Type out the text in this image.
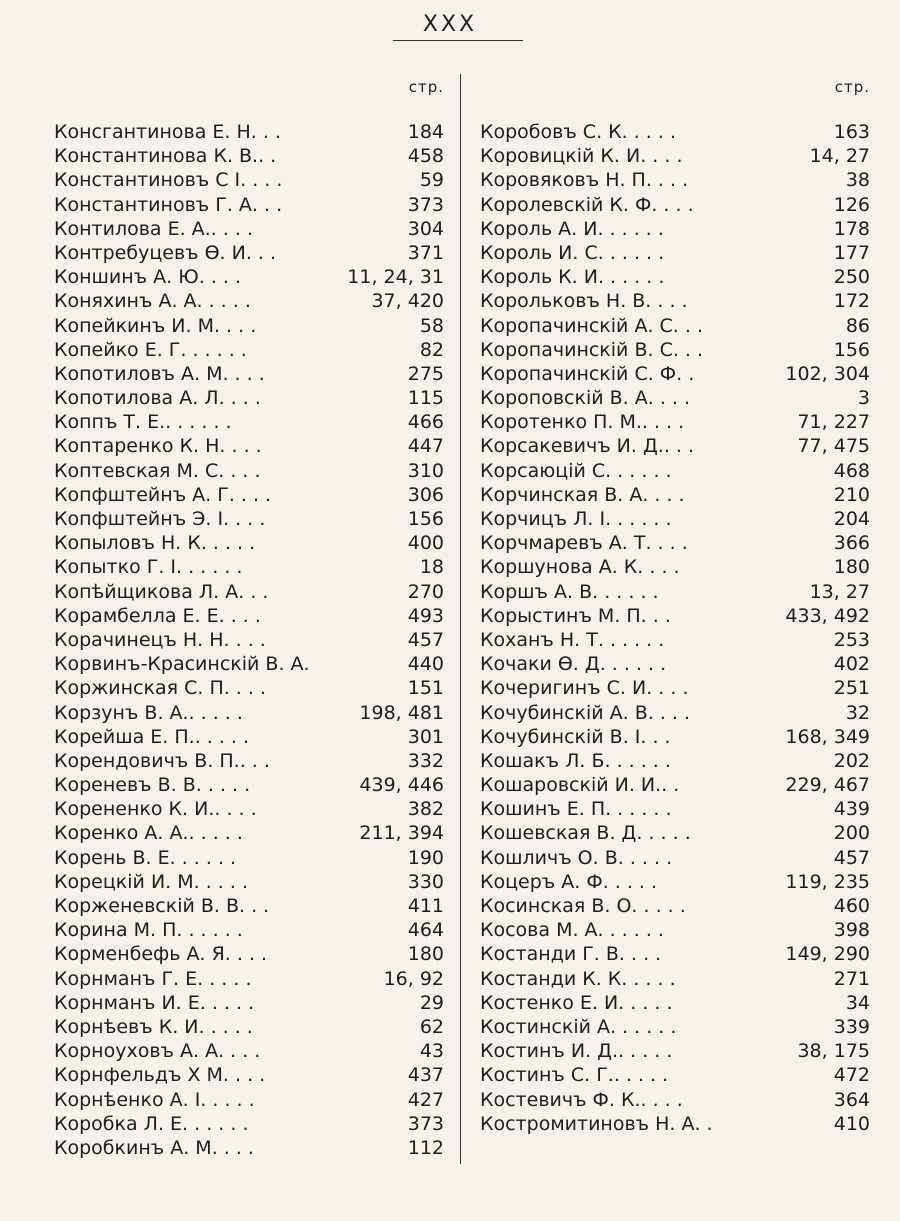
XXX
стр.
Консгантинова Е. Н. . .	184
Константинова К. В.. .	458
Константиновъ С І. . . .	59
Константиновъ Г. А. . .	373
Контилова Е. А.. . . .	304
Контребуцевъ Ѳ. И. . .	371
Коншинъ А. Ю. . . .	11, 24, 31
Коняхинъ А. А. . . . .	37, 420
Копейкинъ И. М. . . .	58
Копейко Е. Г. . . . . .	82
Копотиловъ А. М. . . .	275
Копотилова А. Л. . . .	115
Коппъ Т. Е.. . . . . .	466
Коптаренко К. Н. . . .	447
Коптевская М. С. . . .	310
Копфштейнъ А. Г. . . .	306
Копфштейнъ Э. І. . . .	156
Копыловъ Н. К. . . . .	400
Копытко Г. І. . . . . .	18
Копѣйщикова Л. А. . .	270
Корамбелла Е. Е. . . .	493
Корачинецъ Н. Н. . . .	457
Корвинъ-Красинскій В. А.	440
Коржинская С. П. . . .	151
Корзунъ В. А.. . . . .	198, 481
Корейша Е. П.. . . . .	301
Корендовичъ В. П.. . .	332
Кореневъ В. В. . . . .	439, 446
Корененко К. И.. . . .	382
Коренко А. А.. . . . .	211, 394
Корень В. Е. . . . . .	190
Корецкій И. М. . . . .	330
Корженевскій В. В. . .	411
Корина М. П. . . . . .	464
Корменбефь А. Я. . . .	180
Корнманъ Г. Е. . . . .	16, 92
Корнманъ И. Е. . . . .	29
Корнѣевъ К. И. . . . .	62
Корноуховъ А. А. . . .	43
Корнфельдъ Х М. . . .	437
Корнѣенко А. І. . . . .	427
Коробка Л. Е. . . . . .	373
Коробкинъ А. М. . . .	112
стр.
Коробовъ С. К. . . . .	163
Коровицкій К. И. . . .	14, 27
Коровяковъ Н. П. . . .	38
Королевскій К. Ф. . . .	126
Король А. И. . . . . .	178
Король И. С. . . . . .	177
Король К. И. . . . . .	250
Корольковъ Н. В. . . .	172
Коропачинскій А. С. . .	86
Коропачинскій В. С. . .	156
Коропачинскій С. Ф. .	102, 304
Короповскій В. А. . . .	3
Коротенко П. М.. . . .	71, 227
Корсакевичъ И. Д.. . .	77, 475
Корсаюцій С. . . . . .	468
Корчинская В. А. . . .	210
Корчицъ Л. І. . . . . .	204
Корчмаревъ А. Т. . . .	366
Коршунова А. К. . . .	180
Коршъ А. В. . . . . .	13, 27
Корыстинъ М. П. . .	433, 492
Коханъ Н. Т. . . . . .	253
Кочаки Ѳ. Д. . . . . .	402
Кочеригинъ С. И. . . .	251
Кочубинскій А. В. . . .	32
Кочубинскій В. І. . .	168, 349
Кошакъ Л. Б. . . . . .	202
Кошаровскій И. И.. .	229, 467
Кошинъ Е. П. . . . . .	439
Кошевская В. Д. . . . .	200
Кошличъ О. В. . . . .	457
Коцеръ А. Ф. . . . .	119, 235
Косинская В. О. . . . .	460
Косова М. А. . . . . .	398
Костанди Г. В. . . .	149, 290
Костанди К. К. . . . .	271
Костенко Е. И. . . . .	34
Костинскій А. . . . . .	339
Костинъ И. Д.. . . . .	38, 175
Костинъ С. Г.. . . . .	472
Костевичъ Ф. К.. . . .	364
Костромитиновъ Н. А. .	410
